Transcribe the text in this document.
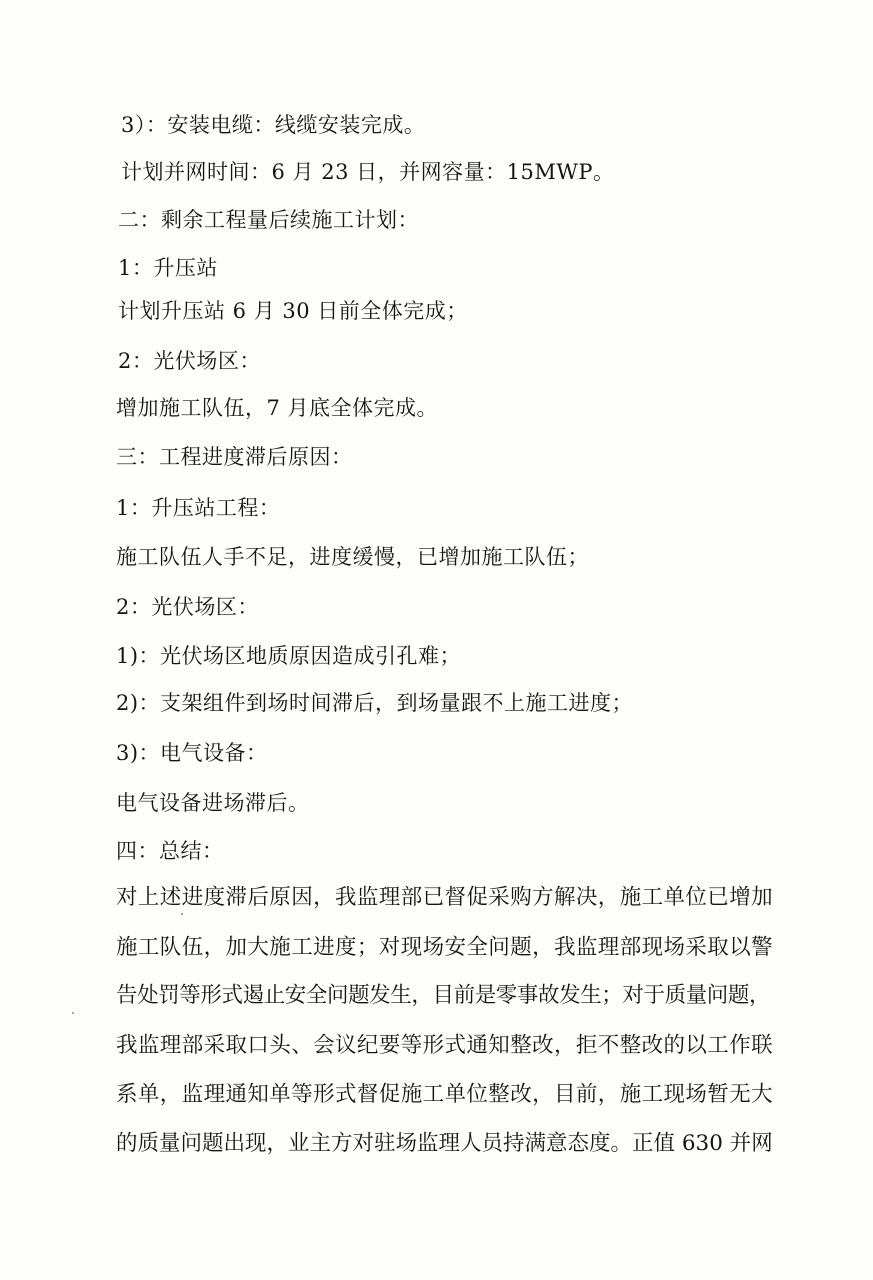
3）：安装电缆：线缆安装完成。
计划并网时间：6 月 23 日，并网容量：15MWP。
二：剩余工程量后续施工计划：
1：升压站
计划升压站 6 月 30 日前全体完成；
2：光伏场区：
增加施工队伍，7 月底全体完成。
三：工程进度滞后原因：
1：升压站工程：
施工队伍人手不足，进度缓慢，已增加施工队伍；
2：光伏场区：
1)：光伏场区地质原因造成引孔难；
2)：支架组件到场时间滞后，到场量跟不上施工进度；
3)：电气设备：
电气设备进场滞后。
四：总结：
对上述进度滞后原因，我监理部已督促采购方解决，施工单位已增加
施工队伍，加大施工进度；对现场安全问题，我监理部现场采取以警
告处罚等形式遏止安全问题发生，目前是零事故发生；对于质量问题，
我监理部采取口头、会议纪要等形式通知整改，拒不整改的以工作联
系单，监理通知单等形式督促施工单位整改，目前，施工现场暂无大
的质量问题出现，业主方对驻场监理人员持满意态度。正值 630 并网
